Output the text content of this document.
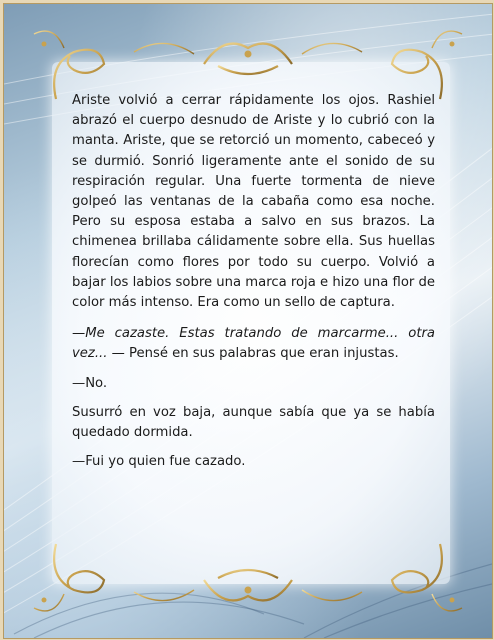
Ariste volvió a cerrar rápidamente los ojos. Rashiel abrazó el cuerpo desnudo de Ariste y lo cubrió con la manta. Ariste, que se retorció un momento, cabeceó y se durmió. Sonrió ligeramente ante el sonido de su respiración regular. Una fuerte tormenta de nieve golpeó las ventanas de la cabaña como esa noche. Pero su esposa estaba a salvo en sus brazos. La chimenea brillaba cálidamente sobre ella. Sus huellas florecían como flores por todo su cuerpo. Volvió a bajar los labios sobre una marca roja e hizo una flor de color más intenso. Era como un sello de captura.

—Me cazaste. Estas tratando de marcarme... otra vez... — Pensé en sus palabras que eran injustas.

—No.

Susurró en voz baja, aunque sabía que ya se había quedado dormida.

—Fui yo quien fue cazado.
